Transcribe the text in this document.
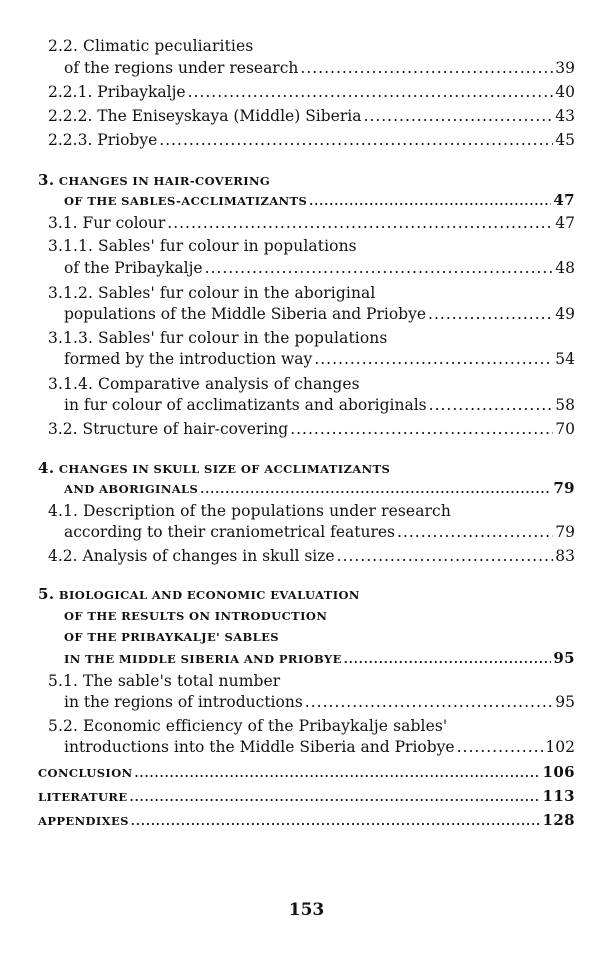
2.2. Climatic peculiarities
of the regions under research .....	39
2.2.1. Pribaykalje .....	40
2.2.2. The Eniseyskaya (Middle) Siberia .....	43
2.2.3. Priobye .....	45
3. CHANGES IN HAIR-COVERING
OF THE SABLES-ACCLIMATIZANTS .....	47
3.1. Fur colour .....	47
3.1.1. Sables' fur colour in populations
of the Pribaykalje .....	48
3.1.2. Sables' fur colour in the aboriginal
populations of the Middle Siberia and Priobye .....	49
3.1.3. Sables' fur colour in the populations
formed by the introduction way .....	54
3.1.4. Comparative analysis of changes
in fur colour of acclimatizants and aboriginals .....	58
3.2. Structure of hair-covering .....	70
4. CHANGES IN SKULL SIZE OF ACCLIMATIZANTS
AND ABORIGINALS .....	79
4.1. Description of the populations under research
according to their craniometrical features .....	79
4.2. Analysis of changes in skull size .....	83
5. BIOLOGICAL AND ECONOMIC EVALUATION
OF THE RESULTS ON INTRODUCTION
OF THE PRIBAYKALJE' SABLES
IN THE MIDDLE SIBERIA AND PRIOBYE .....	95
5.1. The sable's total number
in the regions of introductions .....	95
5.2. Economic efficiency of the Pribaykalje sables'
introductions into the Middle Siberia and Priobye .....	102
CONCLUSION .....	106
LITERATURE .....	113
APPENDIXES .....	128
153
